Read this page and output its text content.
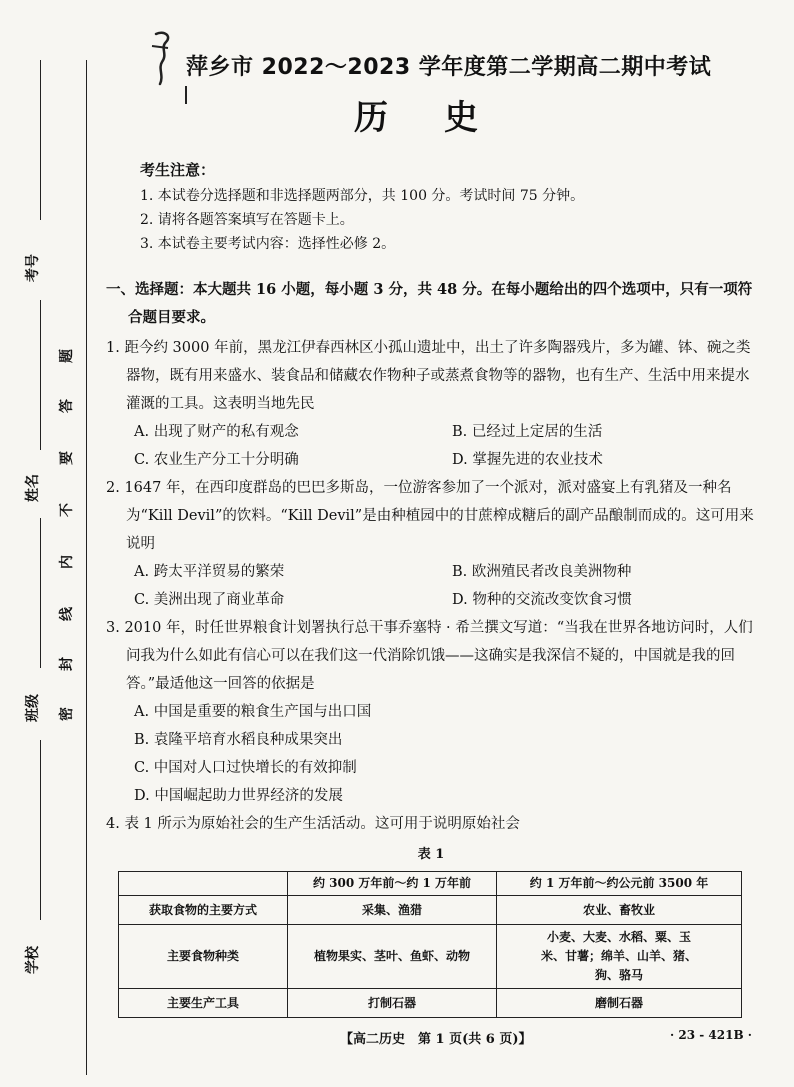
考号
姓名
班级
学校
题
答
要
不
内
线
封
密
萍乡市 2022～2023 学年度第二学期高二期中考试
历史
考生注意：
1. 本试卷分选择题和非选择题两部分，共 100 分。考试时间 75 分钟。
2. 请将各题答案填写在答题卡上。
3. 本试卷主要考试内容：选择性必修 2。
一、选择题：本大题共 16 小题，每小题 3 分，共 48 分。在每小题给出的四个选项中，只有一项符合题目要求。
1. 距今约 3000 年前，黑龙江伊春西林区小孤山遗址中，出土了许多陶器残片，多为罐、钵、碗之类器物，既有用来盛水、装食品和储藏农作物种子或蒸煮食物等的器物，也有生产、生活中用来提水灌溉的工具。这表明当地先民
A. 出现了财产的私有观念	B. 已经过上定居的生活
C. 农业生产分工十分明确	D. 掌握先进的农业技术
2. 1647 年，在西印度群岛的巴巴多斯岛，一位游客参加了一个派对，派对盛宴上有乳猪及一种名为“Kill Devil”的饮料。“Kill Devil”是由种植园中的甘蔗榨成糖后的副产品酿制而成的。这可用来说明
A. 跨太平洋贸易的繁荣	B. 欧洲殖民者改良美洲物种
C. 美洲出现了商业革命	D. 物种的交流改变饮食习惯
3. 2010 年，时任世界粮食计划署执行总干事乔塞特 · 希兰撰文写道：“当我在世界各地访问时，人们问我为什么如此有信心可以在我们这一代消除饥饿——这确实是我深信不疑的，中国就是我的回答。”最适他这一回答的依据是
A. 中国是重要的粮食生产国与出口国
B. 袁隆平培育水稻良种成果突出
C. 中国对人口过快增长的有效抑制
D. 中国崛起助力世界经济的发展
4. 表 1 所示为原始社会的生产生活活动。这可用于说明原始社会
表 1
	约 300 万年前～约 1 万年前	约 1 万年前～约公元前 3500 年
获取食物的主要方式	采集、渔猎	农业、畜牧业
主要食物种类	植物果实、茎叶、鱼虾、动物	小麦、大麦、水稻、粟、玉米、甘薯；绵羊、山羊、猪、狗、骆马
主要生产工具	打制石器	磨制石器
【高二历史　第 1 页(共 6 页)】	· 23 - 421B ·
